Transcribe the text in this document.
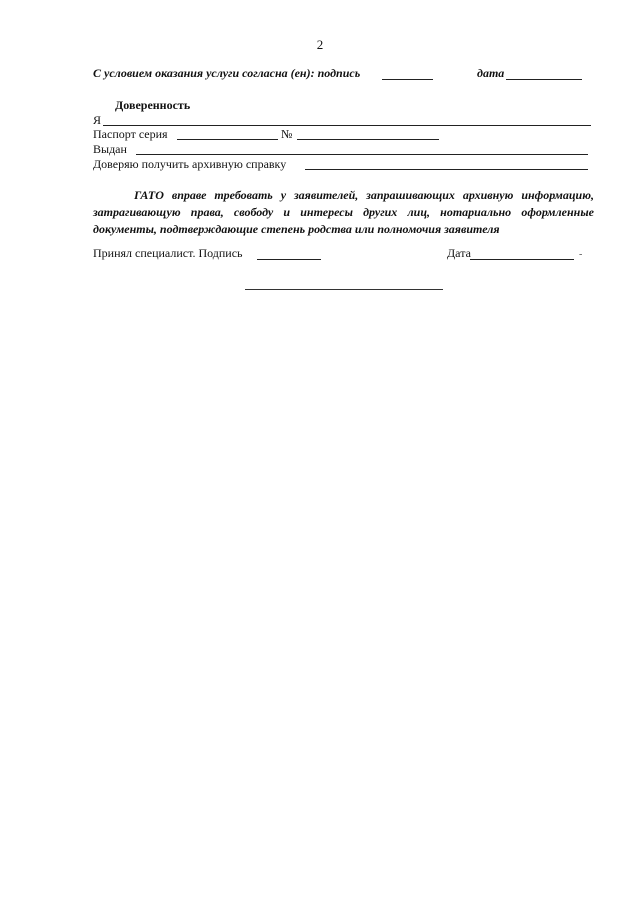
2
С условием оказания услуги согласна (ен): подпись	дата
Доверенность
Я
Паспорт серия	№
Выдан
Доверяю получить архивную справку
ГАТО вправе требовать у заявителей, запрашивающих архивную информацию, затрагивающую права, свободу и интересы других лиц, нотариально оформленные документы, подтверждающие степень родства или полномочия заявителя
Принял специалист. Подпись	Дата	-
